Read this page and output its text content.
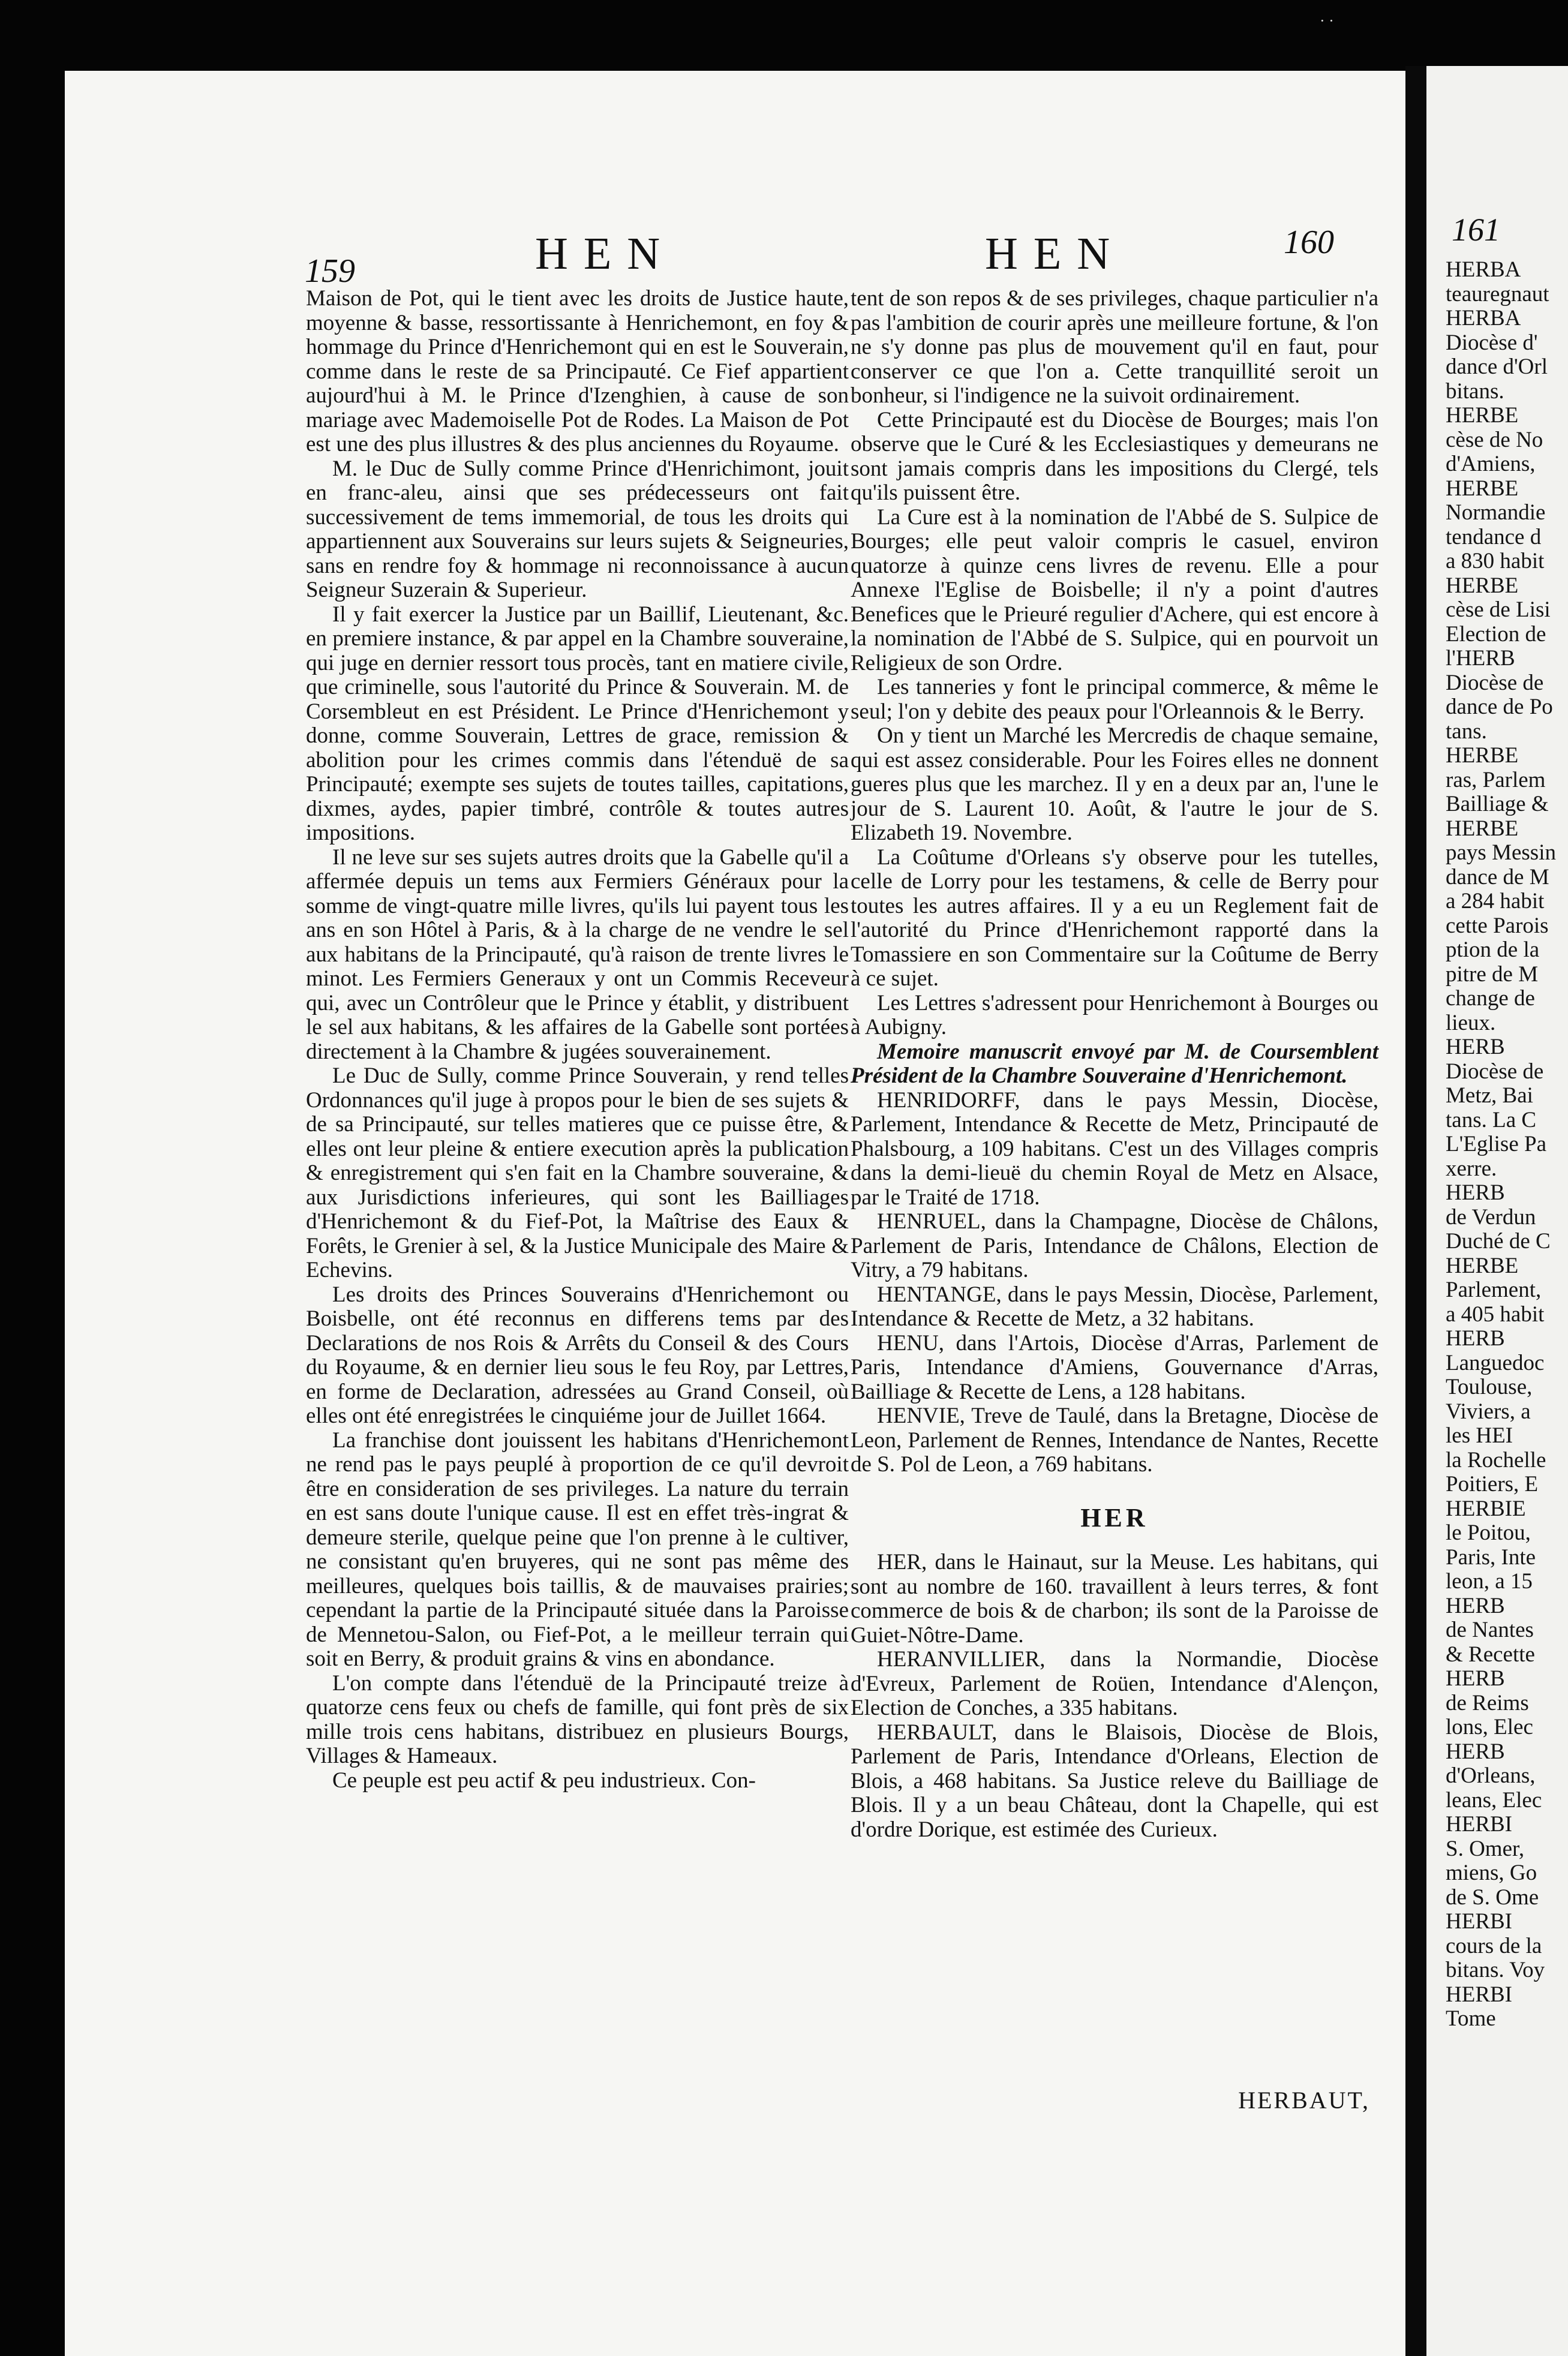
159	HEN	HEN	160

Maison de Pot, qui le tient avec les droits de Justice haute, moyenne & basse, ressortissante à Henrichemont, en foy & hommage du Prince d'Henrichemont qui en est le Souverain, comme dans le reste de sa Principauté. Ce Fief appartient aujourd'hui à M. le Prince d'Izenghien, à cause de son mariage avec Mademoiselle Pot de Rodes. La Maison de Pot est une des plus illustres & des plus anciennes du Royaume.

M. le Duc de Sully comme Prince d'Henrichimont, jouit en franc-aleu, ainsi que ses prédecesseurs ont fait successivement de tems immemorial, de tous les droits qui appartiennent aux Souverains sur leurs sujets & Seigneuries, sans en rendre foy & hommage ni reconnoissance à aucun Seigneur Suzerain & Superieur.

Il y fait exercer la Justice par un Baillif, Lieutenant, &c. en premiere instance, & par appel en la Chambre souveraine, qui juge en dernier ressort tous procès, tant en matiere civile, que criminelle, sous l'autorité du Prince & Souverain. M. de Corsembleut en est Président. Le Prince d'Henrichemont y donne, comme Souverain, Lettres de grace, remission & abolition pour les crimes commis dans l'étenduë de sa Principauté; exempte ses sujets de toutes tailles, capitations, dixmes, aydes, papier timbré, contrôle & toutes autres impositions.

Il ne leve sur ses sujets autres droits que la Gabelle qu'il a affermée depuis un tems aux Fermiers Généraux pour la somme de vingt-quatre mille livres, qu'ils lui payent tous les ans en son Hôtel à Paris, & à la charge de ne vendre le sel aux habitans de la Principauté, qu'à raison de trente livres le minot. Les Fermiers Generaux y ont un Commis Receveur qui, avec un Contrôleur que le Prince y établit, y distribuent le sel aux habitans, & les affaires de la Gabelle sont portées directement à la Chambre & jugées souverainement.

Le Duc de Sully, comme Prince Souverain, y rend telles Ordonnances qu'il juge à propos pour le bien de ses sujets & de sa Principauté, sur telles matieres que ce puisse être, & elles ont leur pleine & entiere execution après la publication & enregistrement qui s'en fait en la Chambre souveraine, & aux Jurisdictions inferieures, qui sont les Bailliages d'Henrichemont & du Fief-Pot, la Maîtrise des Eaux & Forêts, le Grenier à sel, & la Justice Municipale des Maire & Echevins.

Les droits des Princes Souverains d'Henrichemont ou Boisbelle, ont été reconnus en differens tems par des Declarations de nos Rois & Arrêts du Conseil & des Cours du Royaume, & en dernier lieu sous le feu Roy, par Lettres, en forme de Declaration, adressées au Grand Conseil, où elles ont été enregistrées le cinquiéme jour de Juillet 1664.

La franchise dont jouissent les habitans d'Henrichemont ne rend pas le pays peuplé à proportion de ce qu'il devroit être en consideration de ses privileges. La nature du terrain en est sans doute l'unique cause. Il est en effet très-ingrat & demeure sterile, quelque peine que l'on prenne à le cultiver, ne consistant qu'en bruyeres, qui ne sont pas même des meilleures, quelques bois taillis, & de mauvaises prairies; cependant la partie de la Principauté située dans la Paroisse de Mennetou-Salon, ou Fief-Pot, a le meilleur terrain qui soit en Berry, & produit grains & vins en abondance.

L'on compte dans l'étenduë de la Principauté treize à quatorze cens feux ou chefs de famille, qui font près de six mille trois cens habitans, distribuez en plusieurs Bourgs, Villages & Hameaux.

Ce peuple est peu actif & peu industrieux. Con-

tent de son repos & de ses privileges, chaque particulier n'a pas l'ambition de courir après une meilleure fortune, & l'on ne s'y donne pas plus de mouvement qu'il en faut, pour conserver ce que l'on a. Cette tranquillité seroit un bonheur, si l'indigence ne la suivoit ordinairement.

Cette Principauté est du Diocèse de Bourges; mais l'on observe que le Curé & les Ecclesiastiques y demeurans ne sont jamais compris dans les impositions du Clergé, tels qu'ils puissent être.

La Cure est à la nomination de l'Abbé de S. Sulpice de Bourges; elle peut valoir compris le casuel, environ quatorze à quinze cens livres de revenu. Elle a pour Annexe l'Eglise de Boisbelle; il n'y a point d'autres Benefices que le Prieuré regulier d'Achere, qui est encore à la nomination de l'Abbé de S. Sulpice, qui en pourvoit un Religieux de son Ordre.

Les tanneries y font le principal commerce, & même le seul; l'on y debite des peaux pour l'Orleannois & le Berry.

On y tient un Marché les Mercredis de chaque semaine, qui est assez considerable. Pour les Foires elles ne donnent gueres plus que les marchez. Il y en a deux par an, l'une le jour de S. Laurent 10. Août, & l'autre le jour de S. Elizabeth 19. Novembre.

La Coûtume d'Orleans s'y observe pour les tutelles, celle de Lorry pour les testamens, & celle de Berry pour toutes les autres affaires. Il y a eu un Reglement fait de l'autorité du Prince d'Henrichemont rapporté dans la Tomassiere en son Commentaire sur la Coûtume de Berry à ce sujet.

Les Lettres s'adressent pour Henrichemont à Bourges ou à Aubigny.

Memoire manuscrit envoyé par M. de Coursemblent Président de la Chambre Souveraine d'Henrichemont.

HENRIDORFF, dans le pays Messin, Diocèse, Parlement, Intendance & Recette de Metz, Principauté de Phalsbourg, a 109 habitans. C'est un des Villages compris dans la demi-lieuë du chemin Royal de Metz en Alsace, par le Traité de 1718.

HENRUEL, dans la Champagne, Diocèse de Châlons, Parlement de Paris, Intendance de Châlons, Election de Vitry, a 79 habitans.

HENTANGE, dans le pays Messin, Diocèse, Parlement, Intendance & Recette de Metz, a 32 habitans.

HENU, dans l'Artois, Diocèse d'Arras, Parlement de Paris, Intendance d'Amiens, Gouvernance d'Arras, Bailliage & Recette de Lens, a 128 habitans.

HENVIE, Treve de Taulé, dans la Bretagne, Diocèse de Leon, Parlement de Rennes, Intendance de Nantes, Recette de S. Pol de Leon, a 769 habitans.

HER

HER, dans le Hainaut, sur la Meuse. Les habitans, qui sont au nombre de 160. travaillent à leurs terres, & font commerce de bois & de charbon; ils sont de la Paroisse de Guiet-Nôtre-Dame.

HERANVILLIER, dans la Normandie, Diocèse d'Evreux, Parlement de Roüen, Intendance d'Alençon, Election de Conches, a 335 habitans.

HERBAULT, dans le Blaisois, Diocèse de Blois, Parlement de Paris, Intendance d'Orleans, Election de Blois, a 468 habitans. Sa Justice releve du Bailliage de Blois. Il y a un beau Château, dont la Chapelle, qui est d'ordre Dorique, est estimée des Curieux.

HERBAUT,
161
HERBA
teauregnaut
HERBA
Diocèse d'
dance d'Orl
bitans.
HERBE
cèse de No
d'Amiens,
HERBE
Normandie
tendance d
a 830 habit
HERBE
cèse de Lisi
Election de
l'HERB
Diocèse de
dance de Po
tans.
HERBE
ras, Parlem
Bailliage &
HERBE
pays Messin
dance de M
a 284 habit
cette Parois
ption de la
pitre de M
change de
lieux.
HERB
Diocèse de
Metz, Bai
tans. La C
L'Eglise Pa
xerre.
HERB
de Verdun
Duché de C
HERBE
Parlement,
a 405 habit
HERB
Languedoc
Toulouse,
Viviers, a
les HEI
la Rochelle
Poitiers, E
HERBIE
le Poitou,
Paris, Inte
leon, a 15
HERB
de Nantes
& Recette
HERB
de Reims
lons, Elec
HERB
d'Orleans,
leans, Elec
HERBI
S. Omer,
miens, Go
de S. Ome
HERBI
cours de la
bitans. Voy
HERBI
Tome
· ·
